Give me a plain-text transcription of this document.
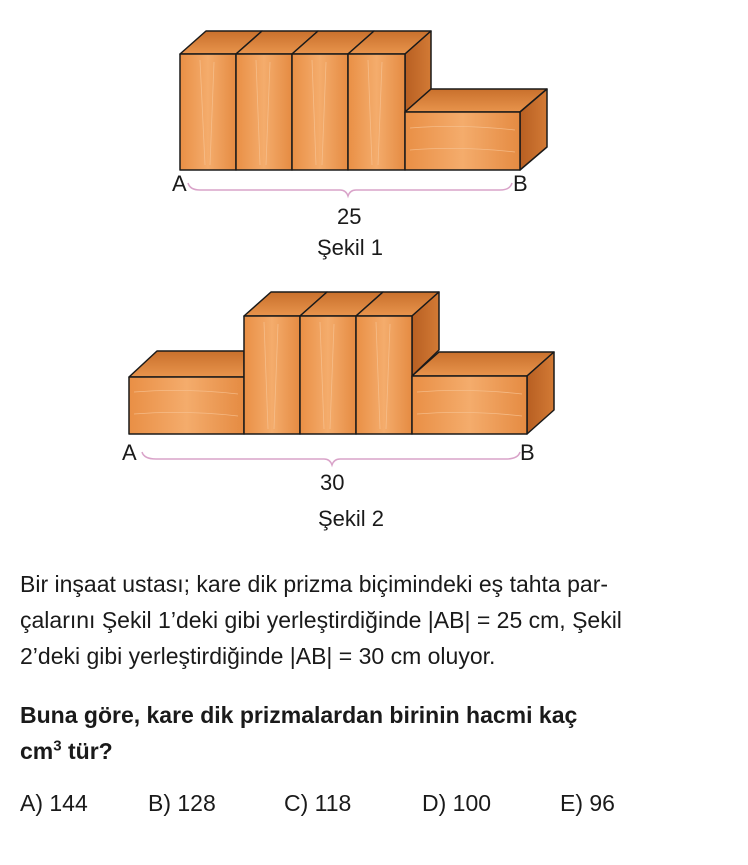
A	B
25
Şekil 1
A	B
30
Şekil 2
Bir inşaat ustası; kare dik prizma biçimindeki eş tahta par-
çalarını Şekil 1’deki gibi yerleştirdiğinde |AB| = 25 cm, Şekil
2’deki gibi yerleştirdiğinde |AB| = 30 cm oluyor.
Buna göre, kare dik prizmalardan birinin hacmi kaç
$cm^3$ tür?
A) 144	B) 128	C) 118	D) 100	E) 96
